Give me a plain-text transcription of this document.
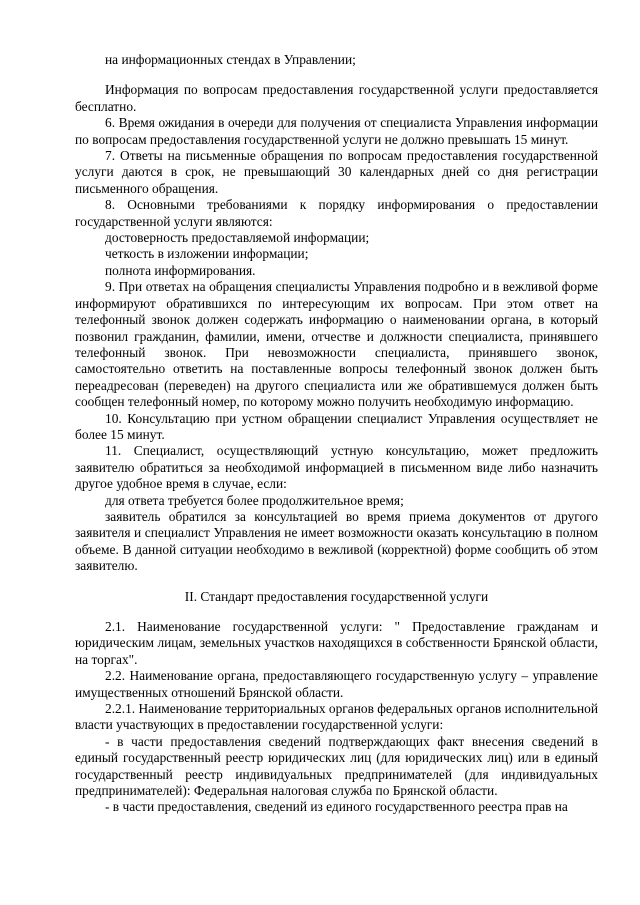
на информационных стендах в Управлении;

Информация по вопросам предоставления государственной услуги предоставляется бесплатно.

6. Время ожидания в очереди для получения от специалиста Управления информации по вопросам предоставления государственной услуги не должно превышать 15 минут.

7. Ответы на письменные обращения по вопросам предоставления государственной услуги даются в срок, не превышающий 30 календарных дней со дня регистрации письменного обращения.

8. Основными требованиями к порядку информирования о предоставлении государственной услуги являются:

достоверность предоставляемой информации;

четкость в изложении информации;

полнота информирования.

9. При ответах на обращения специалисты Управления подробно и в вежливой форме информируют обратившихся по интересующим их вопросам. При этом ответ на телефонный звонок должен содержать информацию о наименовании органа, в который позвонил гражданин, фамилии, имени, отчестве и должности специалиста, принявшего телефонный звонок. При невозможности специалиста, принявшего звонок, самостоятельно ответить на поставленные вопросы телефонный звонок должен быть переадресован (переведен) на другого специалиста или же обратившемуся должен быть сообщен телефонный номер, по которому можно получить необходимую информацию.

10. Консультацию при устном обращении специалист Управления осуществляет не более 15 минут.

11. Специалист, осуществляющий устную консультацию, может предложить заявителю обратиться за необходимой информацией в письменном виде либо назначить другое удобное время в случае, если:

для ответа требуется более продолжительное время;

заявитель обратился за консультацией во время приема документов от другого заявителя и специалист Управления не имеет возможности оказать консультацию в полном объеме. В данной ситуации необходимо в вежливой (корректной) форме сообщить об этом заявителю.

II. Стандарт предоставления государственной услуги

2.1. Наименование государственной услуги: " Предоставление гражданам и юридическим лицам, земельных участков находящихся в собственности Брянской области, на торгах".

2.2. Наименование органа, предоставляющего государственную услугу – управление имущественных отношений Брянской области.

2.2.1. Наименование территориальных органов федеральных органов исполнительной власти участвующих в предоставлении государственной услуги:

- в части предоставления сведений подтверждающих факт внесения сведений в единый государственный реестр юридических лиц (для юридических лиц) или в единый государственный реестр индивидуальных предпринимателей (для индивидуальных предпринимателей): Федеральная налоговая служба по Брянской области.

- в части предоставления, сведений из единого государственного реестра прав на
